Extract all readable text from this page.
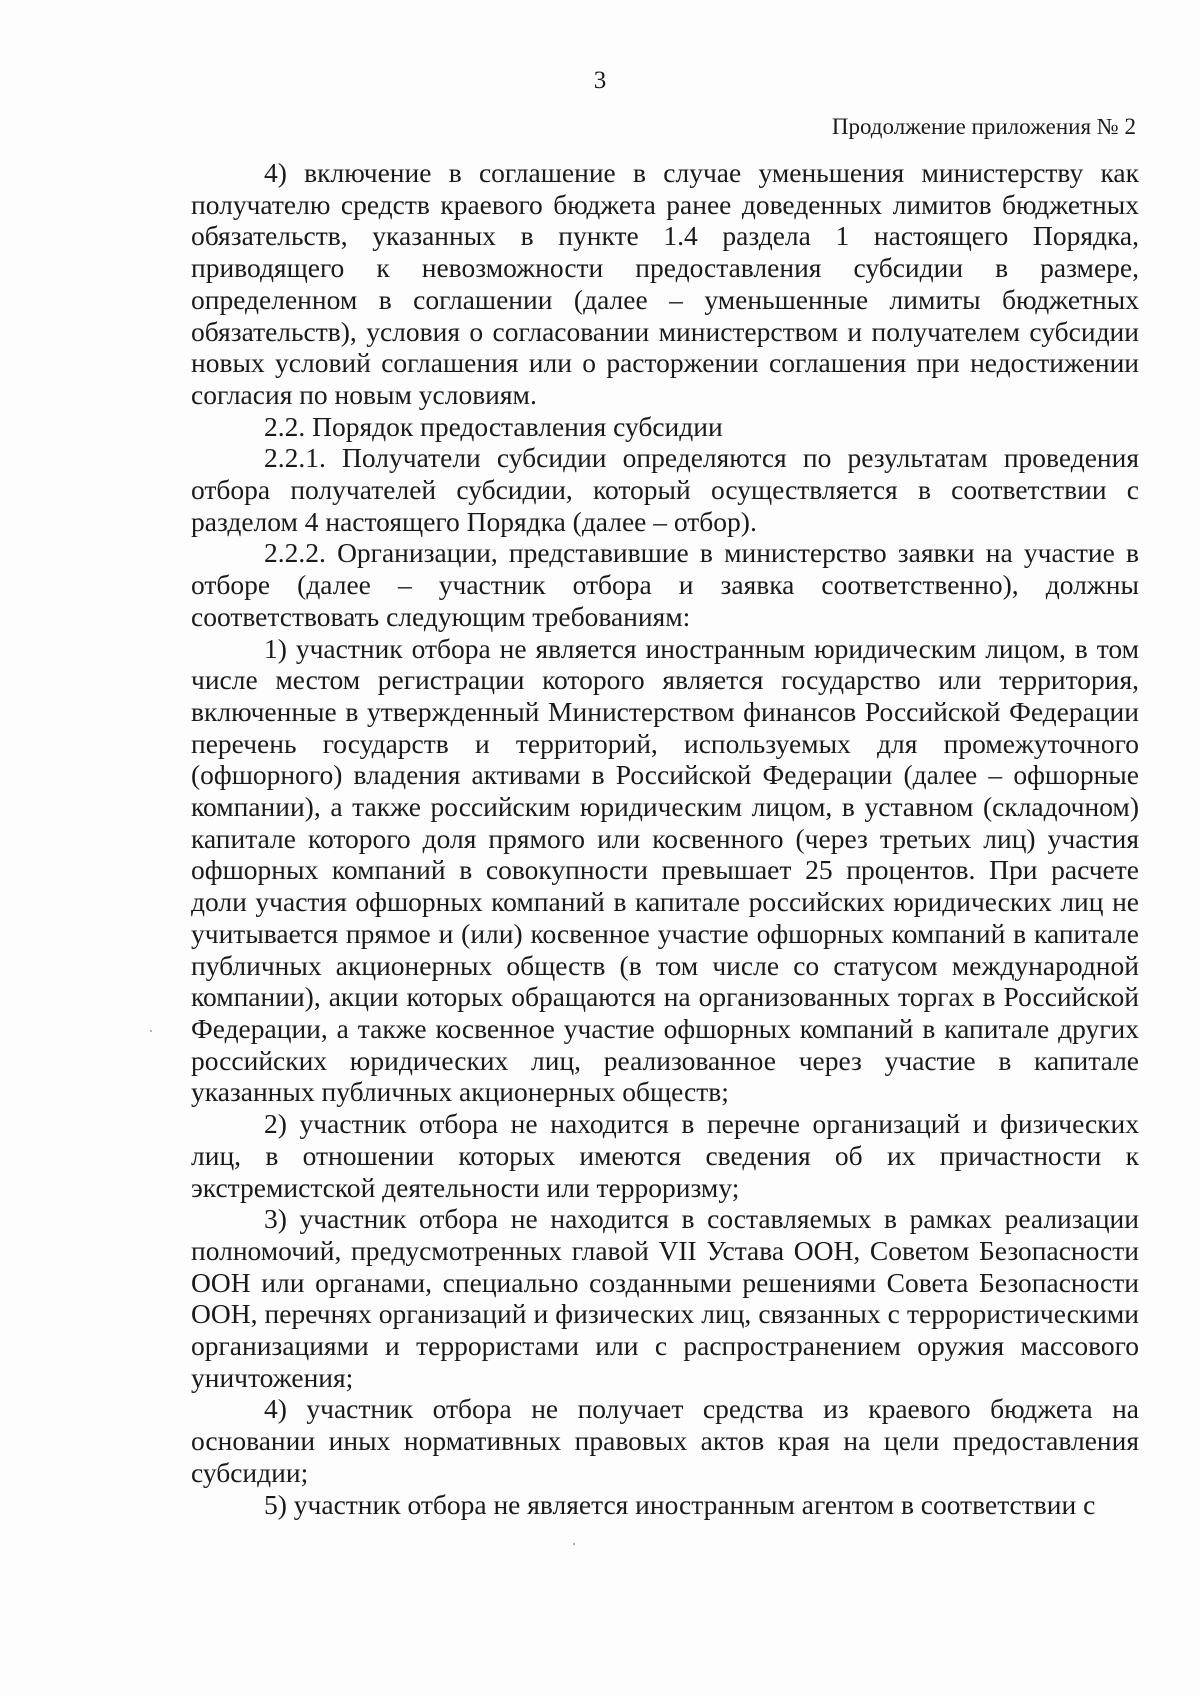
3
Продолжение приложения № 2

4) включение в соглашение в случае уменьшения министерству как получателю средств краевого бюджета ранее доведенных лимитов бюджетных обязательств, указанных в пункте 1.4 раздела 1 настоящего Порядка, приводящего к невозможности предоставления субсидии в размере, определенном в соглашении (далее – уменьшенные лимиты бюджетных обязательств), условия о согласовании министерством и получателем субсидии новых условий соглашения или о расторжении соглашения при недостижении согласия по новым условиям.

2.2. Порядок предоставления субсидии

2.2.1. Получатели субсидии определяются по результатам проведения отбора получателей субсидии, который осуществляется в соответствии с разделом 4 настоящего Порядка (далее – отбор).

2.2.2. Организации, представившие в министерство заявки на участие в отборе (далее – участник отбора и заявка соответственно), должны соответствовать следующим требованиям:

1) участник отбора не является иностранным юридическим лицом, в том числе местом регистрации которого является государство или территория, включенные в утвержденный Министерством финансов Российской Федерации перечень государств и территорий, используемых для промежуточного (офшорного) владения активами в Российской Федерации (далее – офшорные компании), а также российским юридическим лицом, в уставном (складочном) капитале которого доля прямого или косвенного (через третьих лиц) участия офшорных компаний в совокупности превышает 25 процентов. При расчете доли участия офшорных компаний в капитале российских юридических лиц не учитывается прямое и (или) косвенное участие офшорных компаний в капитале публичных акционерных обществ (в том числе со статусом международной компании), акции которых обращаются на организованных торгах в Российской Федерации, а также косвенное участие офшорных компаний в капитале других российских юридических лиц, реализованное через участие в капитале указанных публичных акционерных обществ;

2) участник отбора не находится в перечне организаций и физических лиц, в отношении которых имеются сведения об их причастности к экстремистской деятельности или терроризму;

3) участник отбора не находится в составляемых в рамках реализации полномочий, предусмотренных главой VII Устава ООН, Советом Безопасности ООН или органами, специально созданными решениями Совета Безопасности ООН, перечнях организаций и физических лиц, связанных с террористическими организациями и террористами или с распространением оружия массового уничтожения;

4) участник отбора не получает средства из краевого бюджета на основании иных нормативных правовых актов края на цели предоставления субсидии;

5) участник отбора не является иностранным агентом в соответствии с
